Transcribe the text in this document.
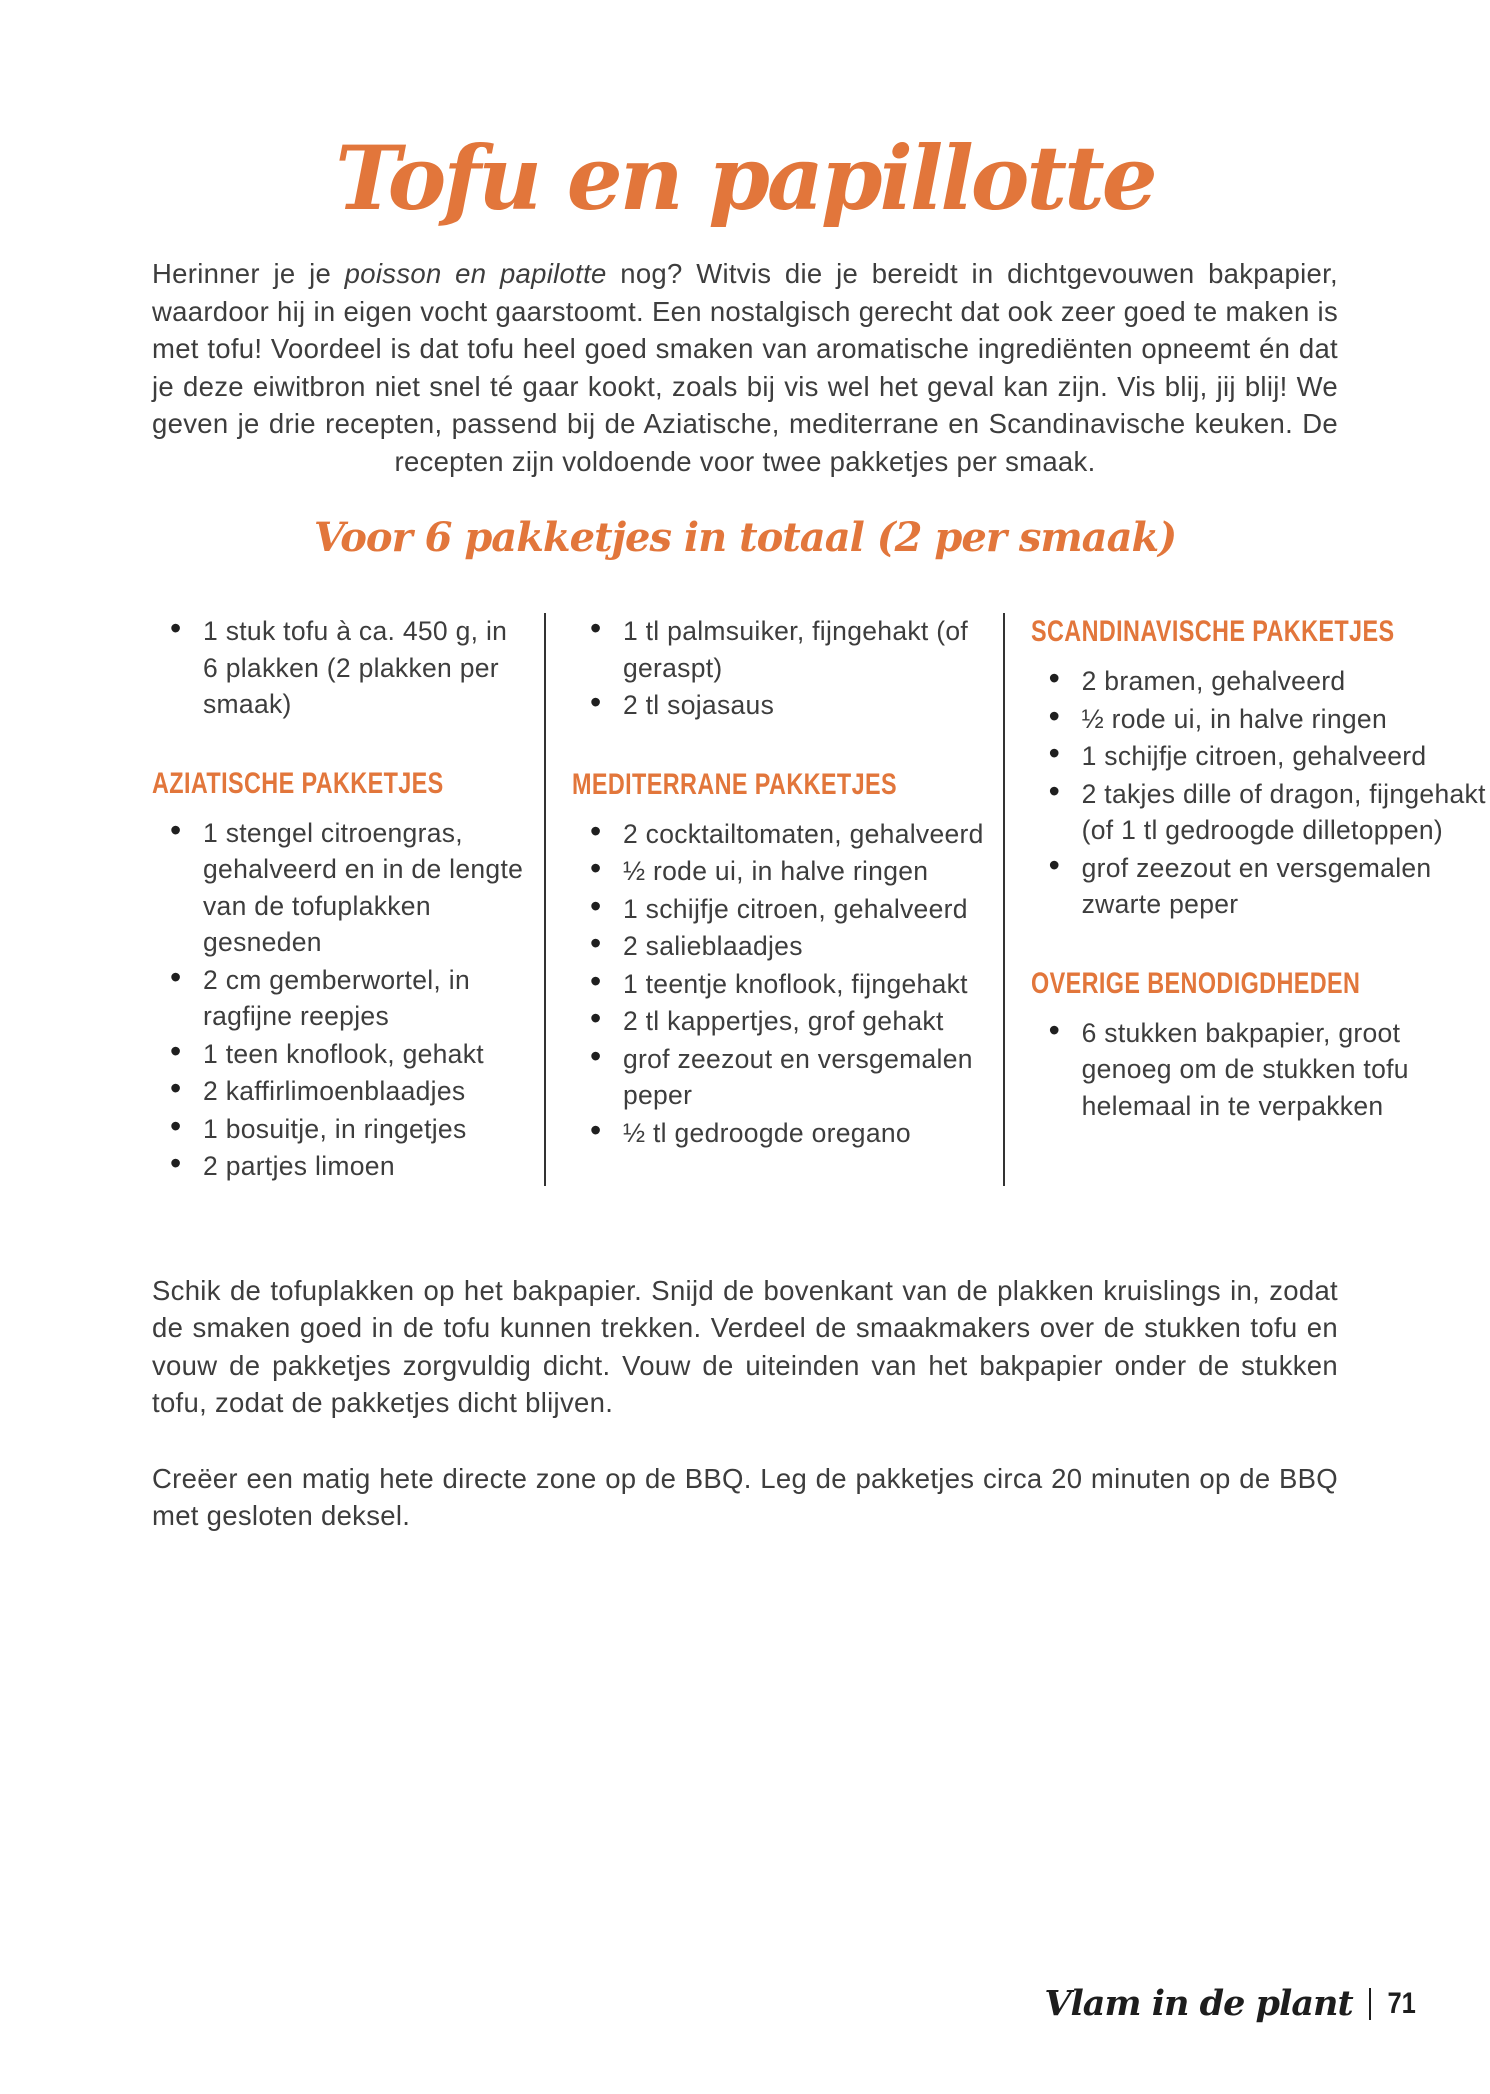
Tofu en papillotte

Herinner je je poisson en papilotte nog? Witvis die je bereidt in dichtgevouwen bakpapier, waardoor hij in eigen vocht gaarstoomt. Een nostalgisch gerecht dat ook zeer goed te maken is met tofu! Voordeel is dat tofu heel goed smaken van aromatische ingrediënten opneemt én dat je deze eiwitbron niet snel té gaar kookt, zoals bij vis wel het geval kan zijn. Vis blij, jij blij! We geven je drie recepten, passend bij de Aziatische, mediterrane en Scandinavische keuken. De recepten zijn voldoende voor twee pakketjes per smaak.

Voor 6 pakketjes in totaal (2 per smaak)
• 1 stuk tofu à ca. 450 g, in 6 plakken (2 plakken per smaak)
AZIATISCHE PAKKETJES
• 1 stengel citroengras, gehalveerd en in de lengte van de tofuplakken gesneden
• 2 cm gemberwortel, in ragfijne reepjes
• 1 teen knoflook, gehakt
• 2 kaffirlimoenblaadjes
• 1 bosuitje, in ringetjes
• 2 partjes limoen
• 1 tl palmsuiker, fijngehakt (of geraspt)
• 2 tl sojasaus
MEDITERRANE PAKKETJES
• 2 cocktailtomaten, gehalveerd
• ½ rode ui, in halve ringen
• 1 schijfje citroen, gehalveerd
• 2 salieblaadjes
• 1 teentje knoflook, fijngehakt
• 2 tl kappertjes, grof gehakt
• grof zeezout en versgemalen peper
• ½ tl gedroogde oregano
SCANDINAVISCHE PAKKETJES
• 2 bramen, gehalveerd
• ½ rode ui, in halve ringen
• 1 schijfje citroen, gehalveerd
• 2 takjes dille of dragon, fijngehakt (of 1 tl gedroogde dilletoppen)
• grof zeezout en versgemalen zwarte peper
OVERIGE BENODIGDHEDEN
• 6 stukken bakpapier, groot genoeg om de stukken tofu helemaal in te verpakken

Schik de tofuplakken op het bakpapier. Snijd de bovenkant van de plakken kruislings in, zodat de smaken goed in de tofu kunnen trekken. Verdeel de smaakmakers over de stukken tofu en vouw de pakketjes zorgvuldig dicht. Vouw de uiteinden van het bakpapier onder de stukken tofu, zodat de pakketjes dicht blijven.

Creëer een matig hete directe zone op de BBQ. Leg de pakketjes circa 20 minuten op de BBQ met gesloten deksel.

Vlam in de plant 71
